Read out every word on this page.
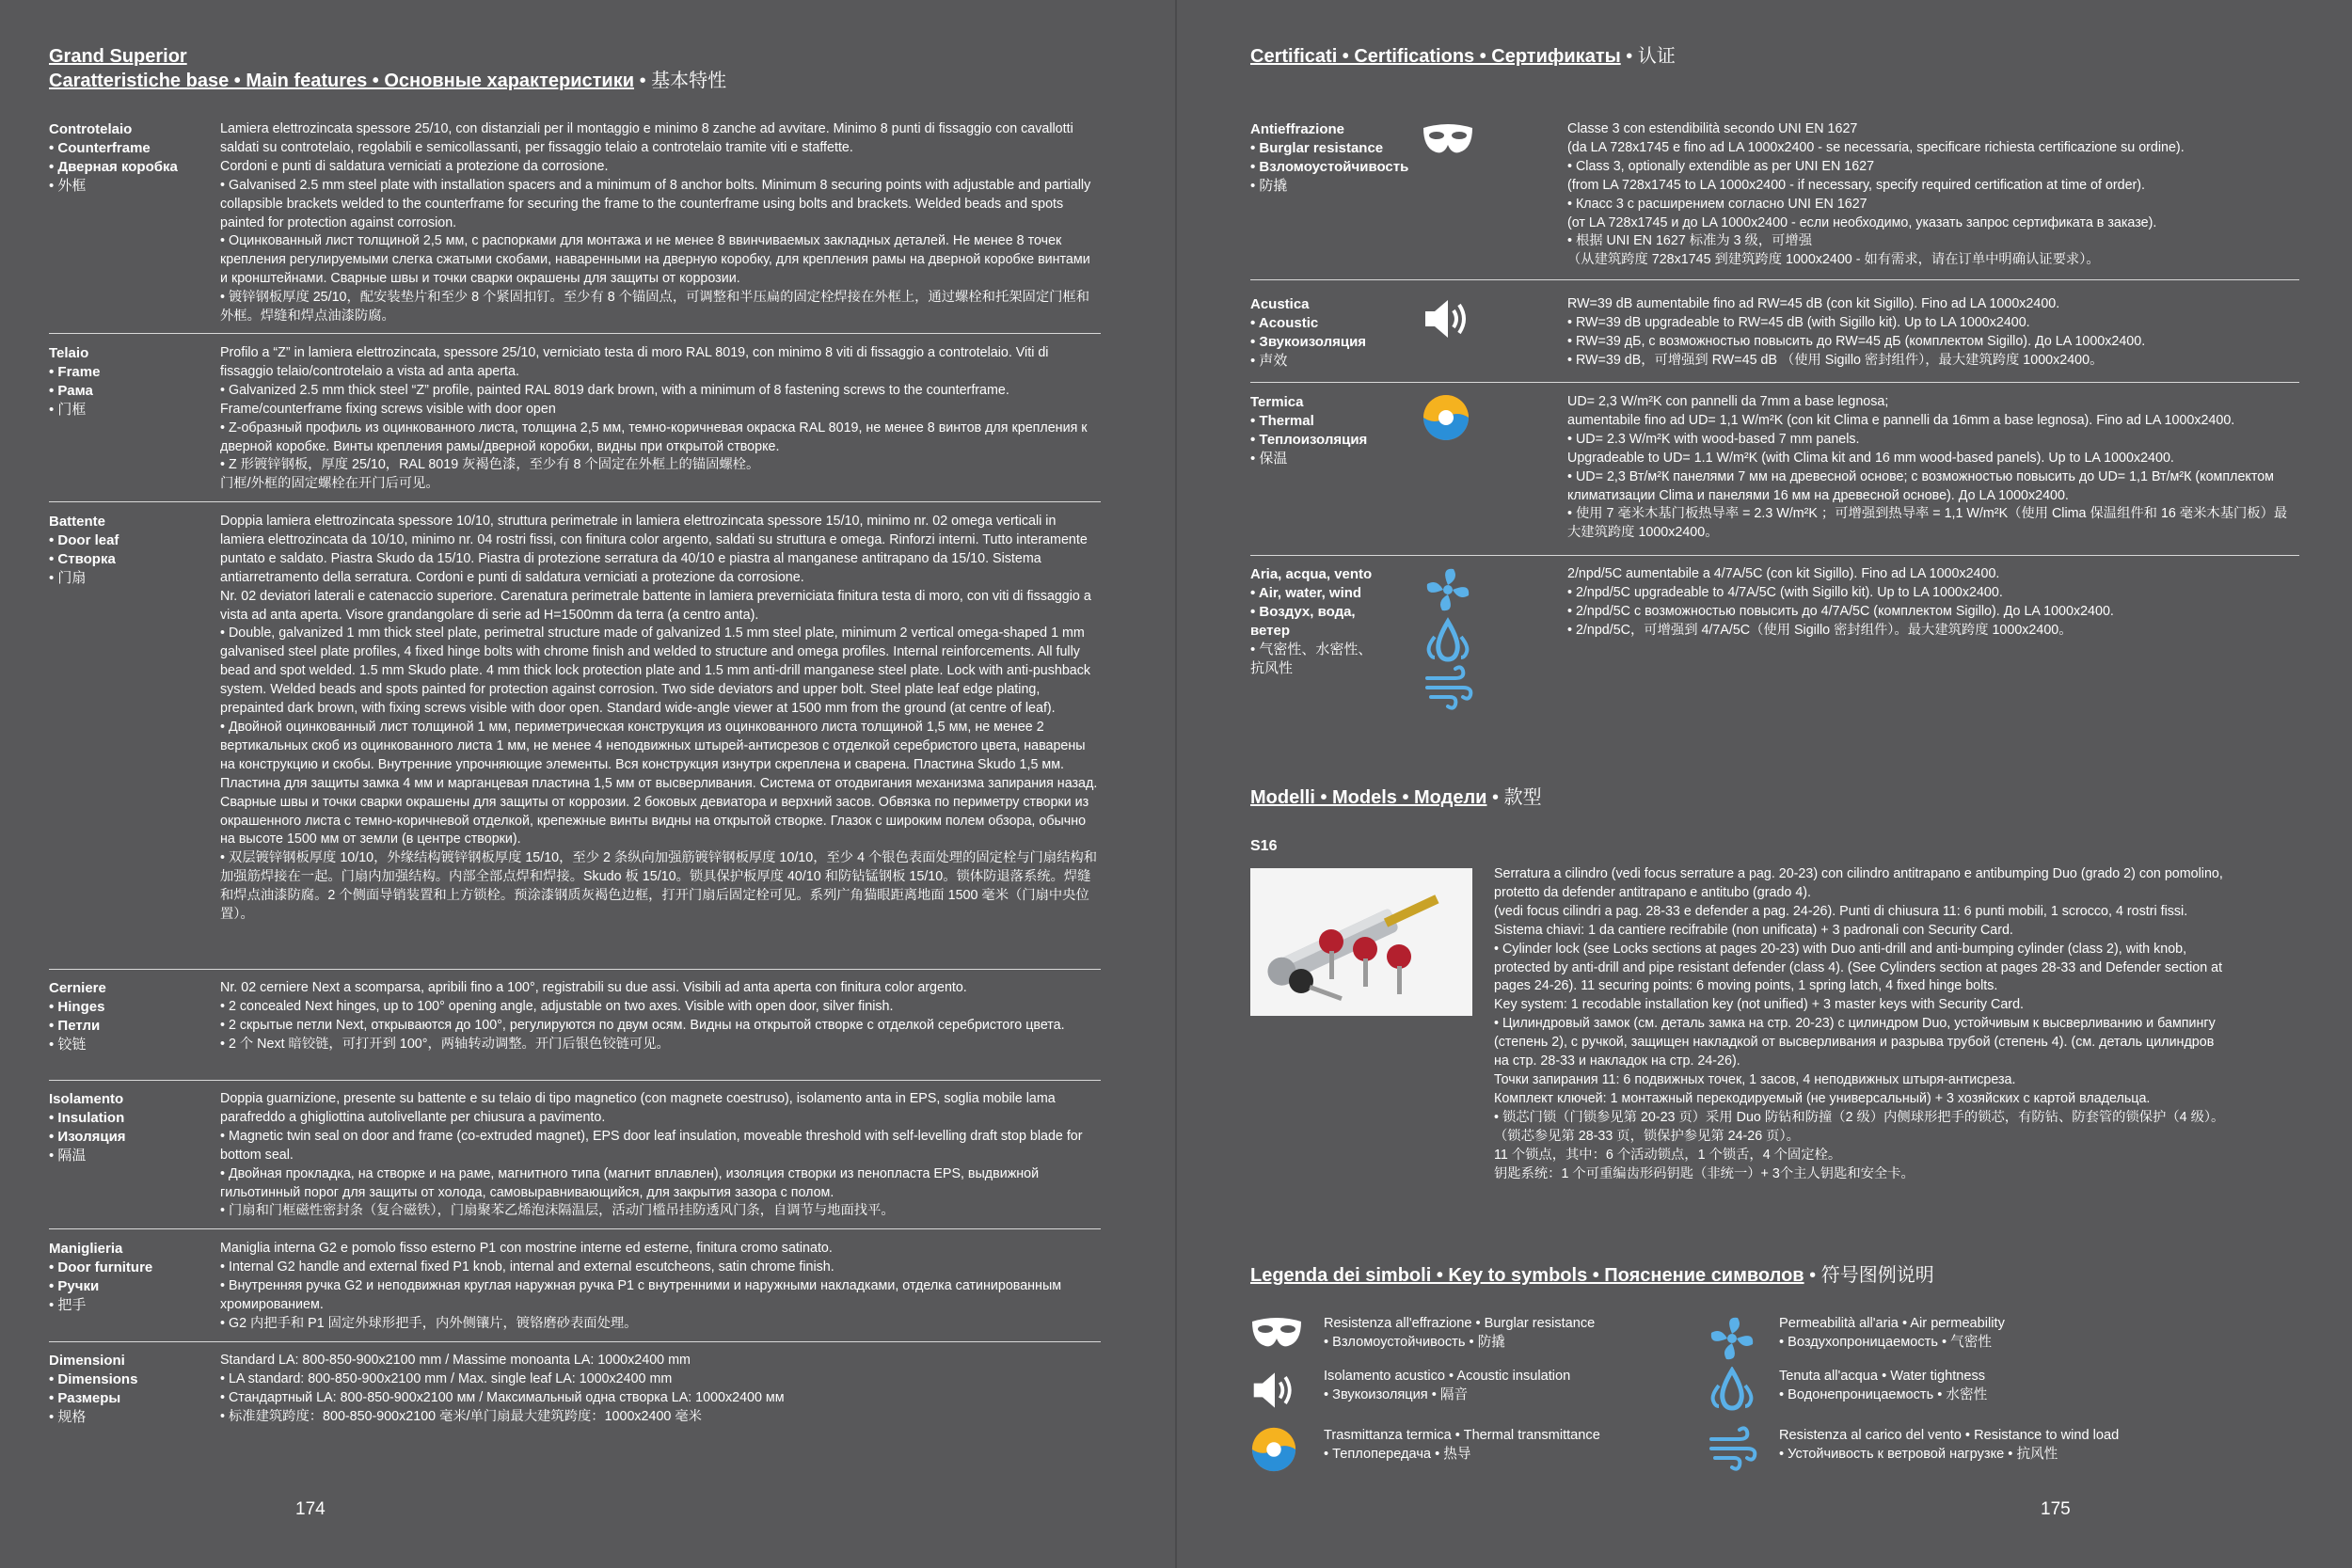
Grand Superior
Caratteristiche base • Main features • Основные характеристики • 基本特性
Controtelaio
• Counterframe
• Дверная коробка
• 外框

Lamiera elettrozincata spessore 25/10, con distanziali per il montaggio e minimo 8 zanche ad avvitare. Minimo 8 punti di fissaggio con cavallotti saldati su controtelaio, regolabili e semicollassanti, per fissaggio telaio a controtelaio tramite viti e staffette.

Cordoni e punti di saldatura verniciati a protezione da corrosione.

• Galvanised 2.5 mm steel plate with installation spacers and a minimum of 8 anchor bolts. Minimum 8 securing points with adjustable and partially collapsible brackets welded to the counterframe for securing the frame to the counterframe using bolts and brackets. Welded beads and spots painted for protection against corrosion.

• Оцинкованный лист толщиной 2,5 мм, с распорками для монтажа и не менее 8 ввинчиваемых закладных деталей. Не менее 8 точек крепления регулируемыми слегка сжатыми скобами, наваренными на дверную коробку, для крепления рамы на дверной коробке винтами и кронштейнами. Сварные швы и точки сварки окрашены для защиты от коррозии.

• 镀锌钢板厚度 25/10，配安装垫片和至少 8 个紧固扣钉。至少有 8 个锚固点，可调整和半压扁的固定栓焊接在外框上，通过螺栓和托架固定门框和外框。焊缝和焊点油漆防腐。

Telaio
• Frame
• Рама
• 门框

Profilo a “Z” in lamiera elettrozincata, spessore 25/10, verniciato testa di moro RAL 8019, con minimo 8 viti di fissaggio a controtelaio. Viti di fissaggio telaio/controtelaio a vista ad anta aperta.

• Galvanized 2.5 mm thick steel “Z” profile, painted RAL 8019 dark brown, with a minimum of 8 fastening screws to the counterframe. Frame/counterframe fixing screws visible with door open

• Z-образный профиль из оцинкованного листа, толщина 2,5 мм, темно-коричневая окраска RAL 8019, не менее 8 винтов для крепления к дверной коробке. Винты крепления рамы/дверной коробки, видны при открытой створке.

• Z 形镀锌钢板，厚度 25/10，RAL 8019 灰褐色漆，至少有 8 个固定在外框上的锚固螺栓。

门框/外框的固定螺栓在开门后可见。

Battente
• Door leaf
• Створка
• 门扇

Doppia lamiera elettrozincata spessore 10/10, struttura perimetrale in lamiera elettrozincata spessore 15/10, minimo nr. 02 omega verticali in lamiera elettrozincata da 10/10, minimo nr. 04 rostri fissi, con finitura color argento, saldati su struttura e omega. Rinforzi interni. Tutto interamente puntato e saldato. Piastra Skudo da 15/10. Piastra di protezione serratura da 40/10 e piastra al manganese antitrapano da 15/10. Sistema antiarretramento della serratura. Cordoni e punti di saldatura verniciati a protezione da corrosione.

Nr. 02 deviatori laterali e catenaccio superiore. Carenatura perimetrale battente in lamiera preverniciata finitura testa di moro, con viti di fissaggio a vista ad anta aperta. Visore grandangolare di serie ad H=1500mm da terra (a centro anta).

• Double, galvanized 1 mm thick steel plate, perimetral structure made of galvanized 1.5 mm steel plate, minimum 2 vertical omega-shaped 1 mm galvanised steel plate profiles, 4 fixed hinge bolts with chrome finish and welded to structure and omega profiles. Internal reinforcements. All fully bead and spot welded. 1.5 mm Skudo plate. 4 mm thick lock protection plate and 1.5 mm anti-drill manganese steel plate. Lock with anti-pushback system. Welded beads and spots painted for protection against corrosion. Two side deviators and upper bolt. Steel plate leaf edge plating, prepainted dark brown, with fixing screws visible with door open. Standard wide-angle viewer at 1500 mm from the ground (at centre of leaf).

• Двойной оцинкованный лист толщиной 1 мм, периметрическая конструкция из оцинкованного листа толщиной 1,5 мм, не менее 2 вертикальных скоб из оцинкованного листа 1 мм, не менее 4 неподвижных штырей-антисрезов с отделкой серебристого цвета, наварены на конструкцию и скобы. Внутренние упрочняющие элементы. Вся конструкция изнутри скреплена и сварена. Пластина Skudo 1,5 мм. Пластина для защиты замка 4 мм и марганцевая пластина 1,5 мм от высверливания. Система от отодвигания механизма запирания назад. Сварные швы и точки сварки окрашены для защиты от коррозии. 2 боковых девиатора и верхний засов. Обвязка по периметру створки из окрашенного листа с темно-коричневой отделкой, крепежные винты видны на открытой створке. Глазок с широким полем обзора, обычно на высоте 1500 мм от земли (в центре створки).

• 双层镀锌钢板厚度 10/10，外缘结构镀锌钢板厚度 15/10，至少 2 条纵向加强筋镀锌钢板厚度 10/10，至少 4 个银色表面处理的固定栓与门扇结构和加强筋焊接在一起。门扇内加强结构。内部全部点焊和焊接。Skudo 板 15/10。锁具保护板厚度 40/10 和防钻锰钢板 15/10。锁体防退落系统。焊缝和焊点油漆防腐。2 个侧面导销装置和上方锁栓。预涂漆钢质灰褐色边框，打开门扇后固定栓可见。系列广角猫眼距离地面 1500 毫米（门扇中央位置）。

Cerniere
• Hinges
• Петли
• 铰链

Nr. 02 cerniere Next a scomparsa, apribili fino a 100°, registrabili su due assi. Visibili ad anta aperta con finitura color argento.

• 2 concealed Next hinges, up to 100° opening angle, adjustable on two axes. Visible with open door, silver finish.

• 2 скрытые петли Next, открываются до 100°, регулируются по двум осям. Видны на открытой створке с отделкой серебристого цвета.

• 2 个 Next 暗铰链，可打开到 100°，两轴转动调整。开门后银色铰链可见。

Isolamento
• Insulation
• Изоляция
• 隔温

Doppia guarnizione, presente su battente e su telaio di tipo magnetico (con magnete coestruso), isolamento anta in EPS, soglia mobile lama parafreddo a ghigliottina autolivellante per chiusura a pavimento.

• Magnetic twin seal on door and frame (co-extruded magnet), EPS door leaf insulation, moveable threshold with self-levelling draft stop blade for bottom seal.

• Двойная прокладка, на створке и на раме, магнитного типа (магнит вплавлен), изоляция створки из пенопласта EPS, выдвижной гильотинный порог для защиты от холода, самовыравнивающийся, для закрытия зазора с полом.

• 门扇和门框磁性密封条（复合磁铁），门扇聚苯乙烯泡沫隔温层，活动门槛吊挂防透风门条，自调节与地面找平。

Maniglieria
• Door furniture
• Ручки
• 把手

Maniglia interna G2 e pomolo fisso esterno P1 con mostrine interne ed esterne, finitura cromo satinato.

• Internal G2 handle and external fixed P1 knob, internal and external escutcheons, satin chrome finish.

• Внутренняя ручка G2 и неподвижная круглая наружная ручка P1 с внутренними и наружными накладками, отделка сатинированным хромированием.

• G2 内把手和 P1 固定外球形把手，内外侧镶片，镀铬磨砂表面处理。

Dimensioni
• Dimensions
• Размеры
• 规格

Standard LA: 800-850-900x2100 mm / Massime monoanta LA: 1000x2400 mm

• LA standard: 800-850-900x2100 mm / Max. single leaf LA: 1000x2400 mm

• Стандартный LA: 800-850-900x2100 мм / Максимальный одна створка LA: 1000x2400 мм

• 标准建筑跨度：800-850-900x2100 毫米/单门扇最大建筑跨度：1000x2400 毫米

174
Certificati • Certifications • Сертификаты • 认证
Antieffrazione
• Burglar resistance
• Взломоустойчивость
• 防撬

Classe 3 con estendibilità secondo UNI EN 1627

(da LA 728x1745 e fino ad LA 1000x2400 - se necessaria, specificare richiesta certificazione su ordine).

• Class 3, optionally extendible as per UNI EN 1627

(from LA 728x1745 to LA 1000x2400 - if necessary, specify required certification at time of order).

• Класс 3 с расширением согласно UNI EN 1627

(от LA 728x1745 и до LA 1000x2400 - если необходимо, указать запрос сертификата в заказе).

• 根据 UNI EN 1627 标准为 3 级，可增强

（从建筑跨度 728x1745 到建筑跨度 1000x2400 - 如有需求，请在订单中明确认证要求）。

Acustica
• Acoustic
• Звукоизоляция
• 声效

RW=39 dB aumentabile fino ad RW=45 dB (con kit Sigillo). Fino ad LA 1000x2400.

• RW=39 dB upgradeable to RW=45 dB (with Sigillo kit). Up to LA 1000x2400.

• RW=39 дБ, с возможностью повысить до RW=45 дБ (комплектом Sigillo). До LA 1000x2400.

• RW=39 dB，可增强到 RW=45 dB （使用 Sigillo 密封组件），最大建筑跨度 1000x2400。

Termica
• Thermal
• Теплоизоляция
• 保温

UD= 2,3 W/m²K con pannelli da 7mm a base legnosa;

aumentabile fino ad UD= 1,1 W/m²K (con kit Clima e pannelli da 16mm a base legnosa). Fino ad LA 1000x2400.

• UD= 2.3 W/m²K with wood-based 7 mm panels.

Upgradeable to UD= 1.1 W/m²K (with Clima kit and 16 mm wood-based panels). Up to LA 1000x2400.

• UD= 2,3 Вт/м²К панелями 7 мм на древесной основе; с возможностью повысить до UD= 1,1 Вт/м²К (комплектом климатизации Clima и панелями 16 мм на древесной основе). До LA 1000x2400.

• 使用 7 毫米木基门板热导率 = 2.3 W/m²K ；可增强到热导率 = 1,1 W/m²K（使用 Clima 保温组件和 16 毫米木基门板）最大建筑跨度 1000x2400。

Aria, acqua, vento
• Air, water, wind
• Воздух, вода, ветер
• 气密性、水密性、抗风性

2/npd/5C aumentabile a 4/7A/5C (con kit Sigillo). Fino ad LA 1000x2400.

• 2/npd/5C upgradeable to 4/7A/5C (with Sigillo kit). Up to LA 1000x2400.

• 2/npd/5C с возможностью повысить до 4/7A/5C (комплектом Sigillo). До LA 1000x2400.

• 2/npd/5C，可增强到 4/7A/5C（使用 Sigillo 密封组件）。最大建筑跨度 1000x2400。

Modelli • Models • Модели • 款型
S16

Serratura a cilindro (vedi focus serrature a pag. 20-23) con cilindro antitrapano e antibumping Duo (grado 2) con pomolino, protetto da defender antitrapano e antitubo (grado 4).

(vedi focus cilindri a pag. 28-33 e defender a pag. 24-26). Punti di chiusura 11: 6 punti mobili, 1 scrocco, 4 rostri fissi.

Sistema chiavi: 1 da cantiere recifrabile (non unificata) + 3 padronali con Security Card.

• Cylinder lock (see Locks sections at pages 20-23) with Duo anti-drill and anti-bumping cylinder (class 2), with knob, protected by anti-drill and pipe resistant defender (class 4). (See Cylinders section at pages 28-33 and Defender section at pages 24-26). 11 securing points: 6 moving points, 1 spring latch, 4 fixed hinge bolts.

Key system: 1 recodable installation key (not unified) + 3 master keys with Security Card.

• Цилиндровый замок (см. деталь замка на стр. 20-23) с цилиндром Duo, устойчивым к высверливанию и бампингу (степень 2), с ручкой, защищен накладкой от высверливания и разрыва трубой (степень 4). (см. деталь цилиндров на стр. 28-33 и накладок на стр. 24-26).

Точки запирания 11: 6 подвижных точек, 1 засов, 4 неподвижных штыря-антисреза.

Комплект ключей: 1 монтажный перекодируемый (не универсальный) + 3 хозяйских с картой владельца.

• 锁芯门锁（门锁参见第 20-23 页）采用 Duo 防钻和防撞（2 级）内侧球形把手的锁芯，有防钻、防套管的锁保护（4 级）。（锁芯参见第 28-33 页，锁保护参见第 24-26 页）。

11 个锁点，其中：6 个活动锁点，1 个锁舌，4 个固定栓。

钥匙系统：1 个可重编齿形码钥匙（非统一）+ 3个主人钥匙和安全卡。

Legenda dei simboli • Key to symbols • Пояснение символов • 符号图例说明

Resistenza all'effrazione • Burglar resistance

• Взломоустойчивость • 防撬

Isolamento acustico • Acoustic insulation

• Звукоизоляция • 隔音

Trasmittanza termica • Thermal transmittance

• Теплопередача • 热导

Permeabilità all'aria • Air permeability

• Воздухопроницаемость • 气密性

Tenuta all'acqua • Water tightness

• Водонепроницаемость • 水密性

Resistenza al carico del vento • Resistance to wind load

• Устойчивость к ветровой нагрузке • 抗风性

175
